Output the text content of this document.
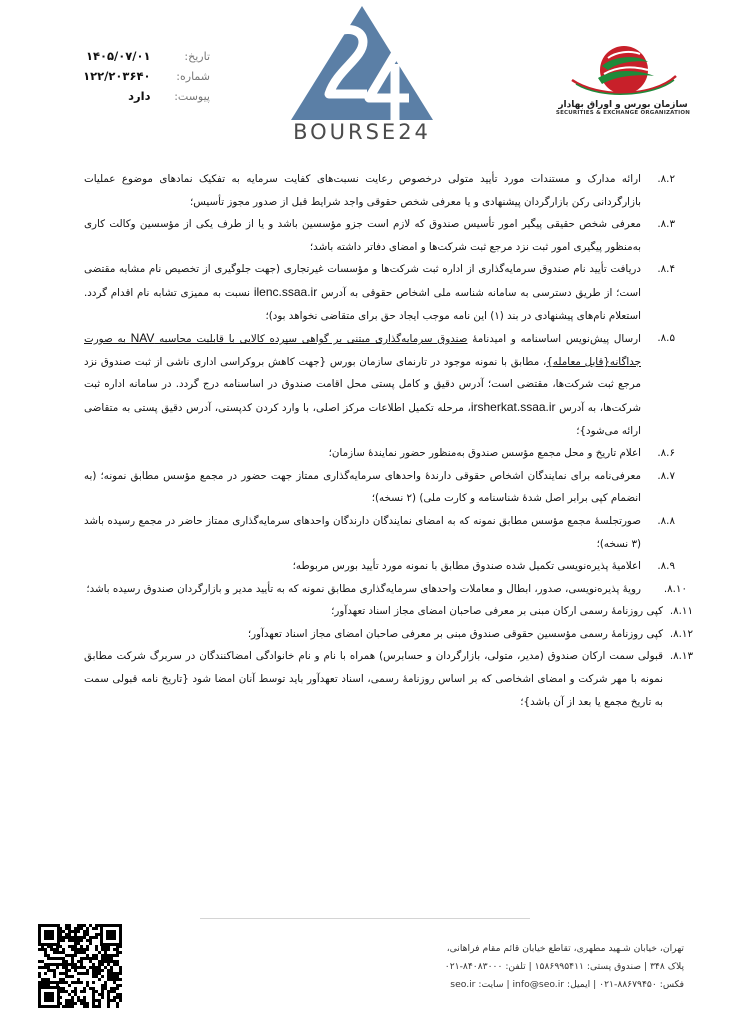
سازمان بورس و اوراق بهادار
SECURITIES & EXCHANGE ORGANIZATION
BOURSE24
تاریخ: ۱۴۰۵/۰۷/۰۱
شماره: ۱۲۲/۲۰۳۶۴۰
پیوست: دارد
۸.۲.
ارائه مدارک و مستندات مورد تأیید متولی درخصوص رعایت نسبت‌های کفایت سرمایه به تفکیک نمادهای موضوع عملیات بازارگردانی رکن بازارگردان پیشنهادی و یا معرفی شخص حقوقی واجد شرایط قبل از صدور مجوز تأسیس؛
۸.۳.
معرفی شخص حقیقی پیگیر امور تأسیس صندوق که لازم است جزو مؤسسین باشد و یا از طرف یکی از مؤسسین وکالت کاری به‌منظور پیگیری امور ثبت نزد مرجع ثبت شرکت‌ها و امضای دفاتر داشته باشد؛
۸.۴.
دریافت تأیید نام صندوق سرمایه‌گذاری از اداره ثبت شرکت‌ها و مؤسسات غیرتجاری (جهت جلوگیری از تخصیص نام مشابه مقتضی است؛ از طریق دسترسی به سامانه شناسه ملی اشخاص حقوقی به آدرس ilenc.ssaa.ir نسبت به ممیزی تشابه نام اقدام گردد. استعلام نام‌های پیشنهادی در بند (۱) این نامه موجب ایجاد حق برای متقاضی نخواهد بود)؛
۸.۵.
ارسال پیش‌نویس اساسنامه و امیدنامهٔ صندوق سرمایه‌گذاری مبتنی بر گواهی سپرده کالایی با قابلیت محاسبه NAV به صورت جداگانه{قابل معامله}، مطابق با نمونه موجود در تارنمای سازمان بورس {جهت کاهش بروکراسی اداری ناشی از ثبت صندوق نزد مرجع ثبت شرکت‌ها، مقتضی است؛ آدرس دقیق و کامل پستی محل اقامت صندوق در اساسنامه درج گردد. در سامانه اداره ثبت شرکت‌ها، به آدرس irsherkat.ssaa.ir، مرحله تکمیل اطلاعات مرکز اصلی، با وارد کردن کدپستی، آدرس دقیق پستی به متقاضی ارائه می‌شود}؛
۸.۶.
اعلام تاریخ و محل مجمع مؤسس صندوق به‌منظور حضور نمایندهٔ سازمان؛
۸.۷.
معرفی‌نامه برای نمایندگان اشخاص حقوقی دارندهٔ واحدهای سرمایه‌گذاری ممتاز جهت حضور در مجمع مؤسس مطابق نمونه؛ (به انضمام کپی برابر اصل شدهٔ شناسنامه و کارت ملی) (۲ نسخه)؛
۸.۸.
صورتجلسهٔ مجمع مؤسس مطابق نمونه که به امضای نمایندگان دارندگان واحدهای سرمایه‌گذاری ممتاز حاضر در مجمع رسیده باشد (۳ نسخه)؛
۸.۹.
اعلامیهٔ پذیره‌نویسی تکمیل شده صندوق مطابق با نمونه مورد تأیید بورس مربوطه؛
۸.۱۰.
رویهٔ پذیره‌نویسی، صدور، ابطال و معاملات واحدهای سرمایه‌گذاری مطابق نمونه که به تأیید مدیر و بازارگردان صندوق رسیده باشد؛
۸.۱۱.
کپی روزنامهٔ رسمی ارکان مبنی بر معرفی صاحبان امضای مجاز اسناد تعهدآور؛
۸.۱۲.
کپی روزنامهٔ رسمی مؤسسین حقوقی صندوق مبنی بر معرفی صاحبان امضای مجاز اسناد تعهدآور؛
۸.۱۳.
قبولی سمت ارکان صندوق (مدیر، متولی، بازارگردان و حسابرس) همراه با نام و نام خانوادگی امضاکنندگان در سربرگ شرکت مطابق نمونه با مهر شرکت و امضای اشخاصی که بر اساس روزنامهٔ رسمی، اسناد تعهدآور باید توسط آنان امضا شود {تاریخ نامه قبولی سمت به تاریخ مجمع یا بعد از آن باشد}؛
تهران، خیابان شـهید مطهری، تقاطع خیابان قائم مقام فراهانی،
پلاک ۳۴۸ | صندوق پستی: ۱۵۸۶۹۹۵۴۱۱ | تلفن: ۸۴۰۸۳۰۰۰-۰۲۱
فکس: ۸۸۶۷۹۴۵۰-۰۲۱ | ایمیل: info@seo.ir | سایت: seo.ir
